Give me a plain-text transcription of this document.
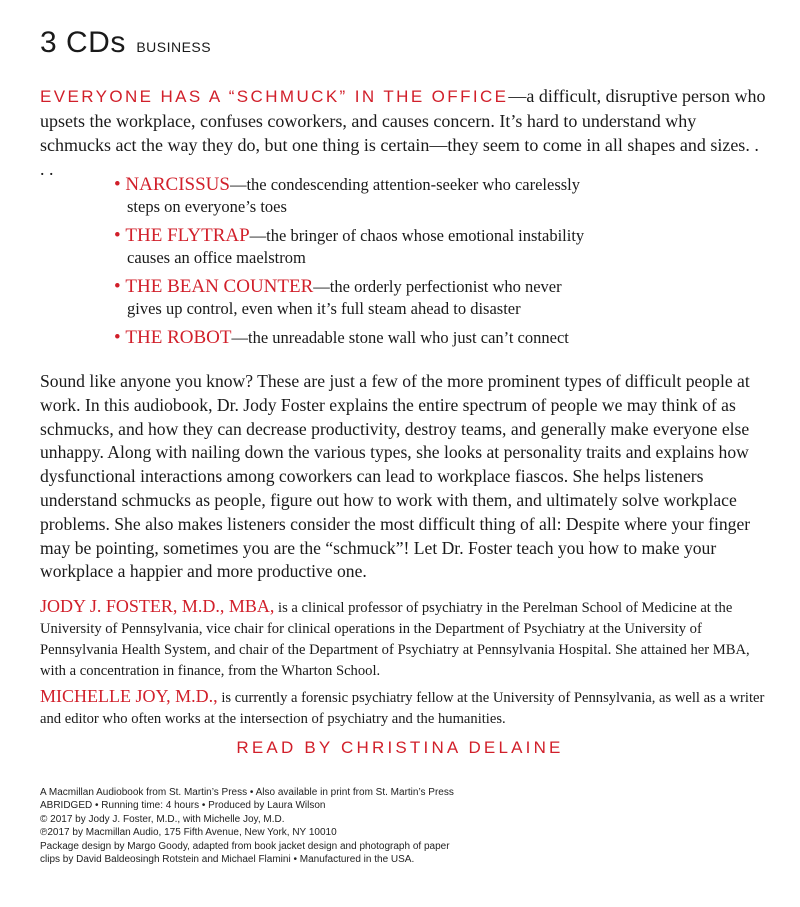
3 CDs BUSINESS
EVERYONE HAS A “SCHMUCK” IN THE OFFICE—a difficult, disruptive person who upsets the workplace, confuses coworkers, and causes concern. It’s hard to understand why schmucks act the way they do, but one thing is certain—they seem to come in all shapes and sizes. . . .
• NARCISSUS—the condescending attention-seeker who carelessly
steps on everyone’s toes
• THE FLYTRAP—the bringer of chaos whose emotional instability
causes an office maelstrom
• THE BEAN COUNTER—the orderly perfectionist who never
gives up control, even when it’s full steam ahead to disaster
• THE ROBOT—the unreadable stone wall who just can’t connect
Sound like anyone you know? These are just a few of the more prominent types of difficult people at work. In this audiobook, Dr. Jody Foster explains the entire spectrum of people we may think of as schmucks, and how they can decrease productivity, destroy teams, and generally make everyone else unhappy. Along with nailing down the various types, she looks at personality traits and explains how dysfunctional interactions among coworkers can lead to workplace fiascos. She helps listeners understand schmucks as people, figure out how to work with them, and ultimately solve workplace problems. She also makes listeners consider the most difficult thing of all: Despite where your finger may be pointing, sometimes you are the “schmuck”! Let Dr. Foster teach you how to make your workplace a happier and more productive one.
JODY J. FOSTER, M.D., MBA, is a clinical professor of psychiatry in the Perelman School of Medicine at the University of Pennsylvania, vice chair for clinical operations in the Department of Psychiatry at the University of Pennsylvania Health System, and chair of the Department of Psychiatry at Pennsylvania Hospital. She attained her MBA, with a concentration in finance, from the Wharton School.
MICHELLE JOY, M.D., is currently a forensic psychiatry fellow at the University of Pennsylvania, as well as a writer and editor who often works at the intersection of psychiatry and the humanities.
READ BY CHRISTINA DELAINE
A Macmillan Audiobook from St. Martin’s Press • Also available in print from St. Martin’s Press
ABRIDGED • Running time: 4 hours • Produced by Laura Wilson
© 2017 by Jody J. Foster, M.D., with Michelle Joy, M.D.
℗2017 by Macmillan Audio, 175 Fifth Avenue, New York, NY 10010
Package design by Margo Goody, adapted from book jacket design and photograph of paper
clips by David Baldeosingh Rotstein and Michael Flamini • Manufactured in the USA.
